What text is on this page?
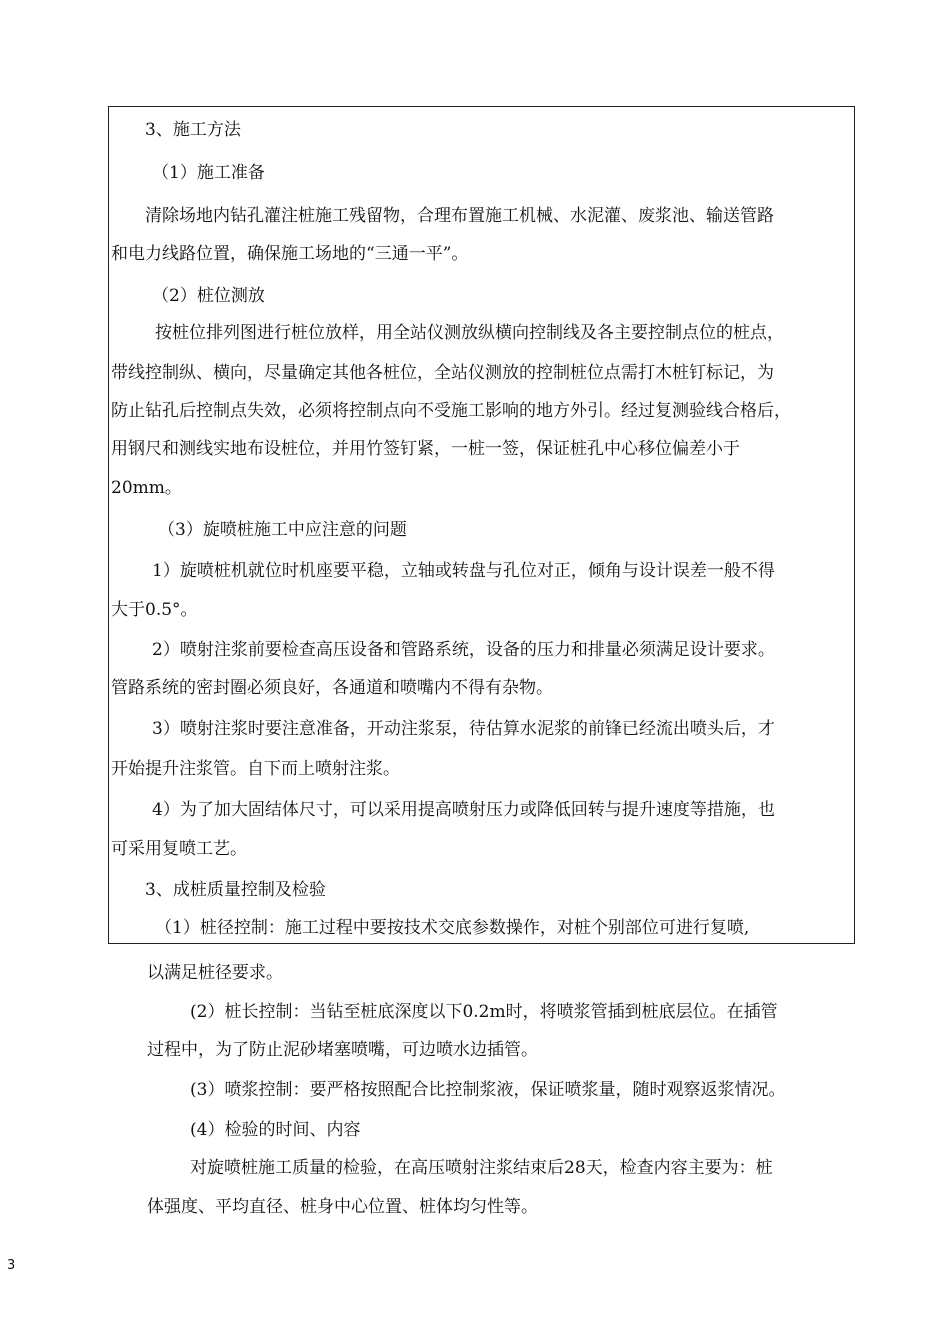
3、施工方法
（1）施工准备
清除场地内钻孔灌注桩施工残留物，合理布置施工机械、水泥灌、废浆池、输送管路
和电力线路位置，确保施工场地的“三通一平”。
（2）桩位测放
按桩位排列图进行桩位放样，用全站仪测放纵横向控制线及各主要控制点位的桩点，
带线控制纵、横向，尽量确定其他各桩位，全站仪测放的控制桩位点需打木桩钉标记，为
防止钻孔后控制点失效，必须将控制点向不受施工影响的地方外引。经过复测验线合格后，
用钢尺和测线实地布设桩位，并用竹签钉紧，一桩一签，保证桩孔中心移位偏差小于
20mm。
（3）旋喷桩施工中应注意的问题
1）旋喷桩机就位时机座要平稳，立轴或转盘与孔位对正，倾角与设计误差一般不得
大于0.5°。
2）喷射注浆前要检查高压设备和管路系统，设备的压力和排量必须满足设计要求。
管路系统的密封圈必须良好，各通道和喷嘴内不得有杂物。
3）喷射注浆时要注意准备，开动注浆泵，待估算水泥浆的前锋已经流出喷头后，才
开始提升注浆管。自下而上喷射注浆。
4）为了加大固结体尺寸，可以采用提高喷射压力或降低回转与提升速度等措施，也
可采用复喷工艺。
3、成桩质量控制及检验
（1）桩径控制：施工过程中要按技术交底参数操作，对桩个别部位可进行复喷,
以满足桩径要求。
(2）桩长控制：当钻至桩底深度以下0.2m时，将喷浆管插到桩底层位。在插管
过程中，为了防止泥砂堵塞喷嘴，可边喷水边插管。
(3）喷浆控制：要严格按照配合比控制浆液，保证喷浆量，随时观察返浆情况。
(4）检验的时间、内容
对旋喷桩施工质量的检验，在高压喷射注浆结束后28天，检查内容主要为：桩
体强度、平均直径、桩身中心位置、桩体均匀性等。
3
